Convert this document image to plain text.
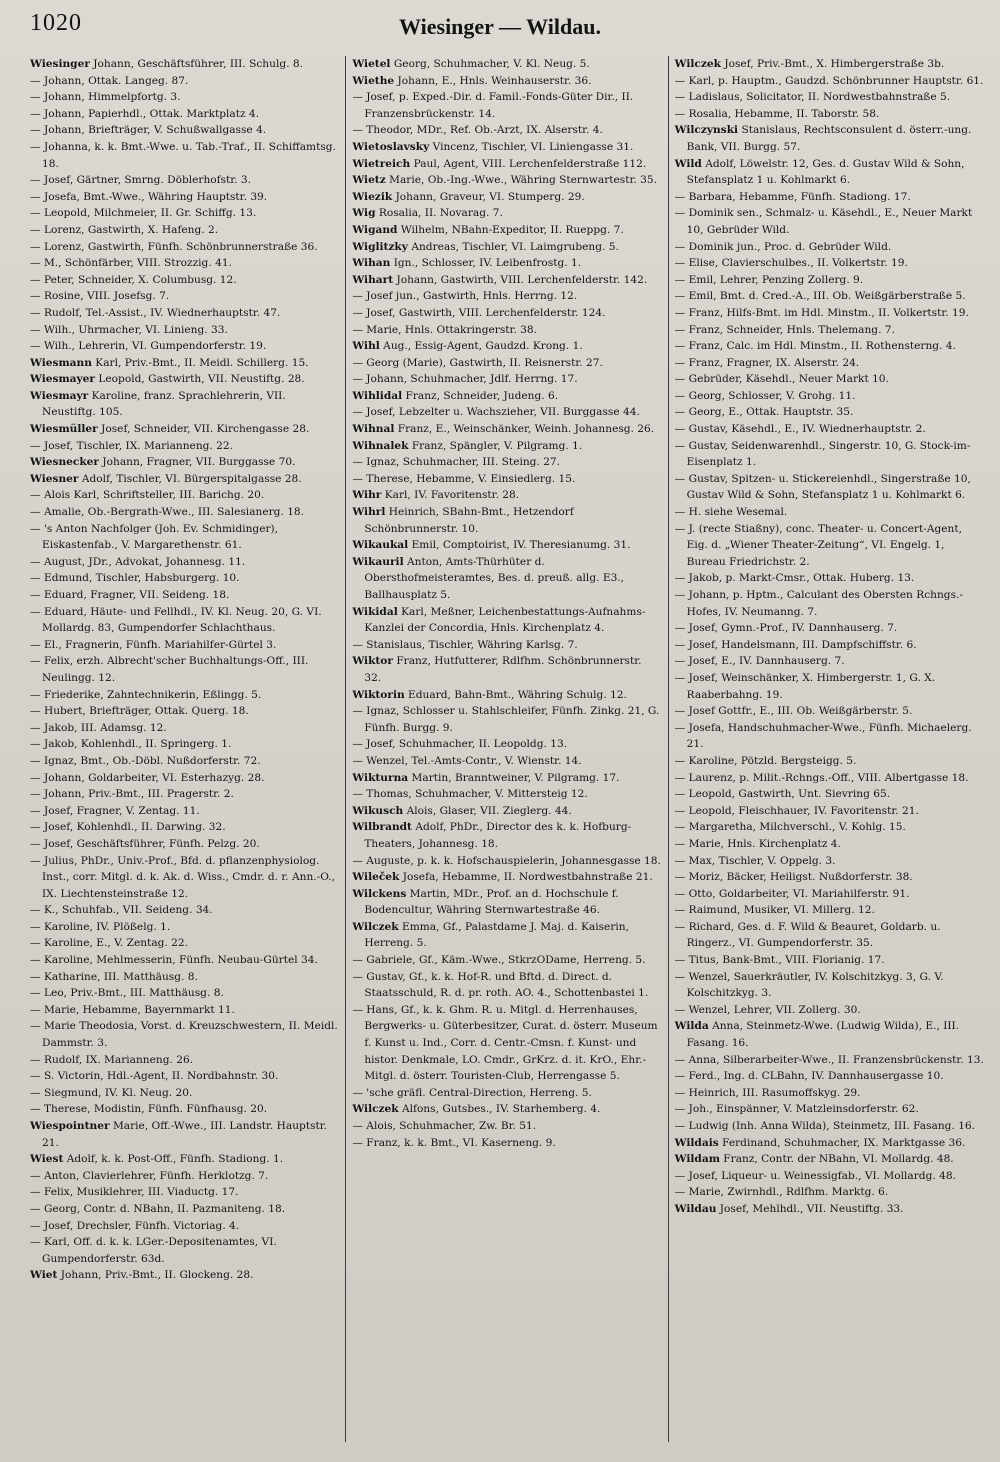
1020	Wiesinger — Wildau.
Wiesinger Johann, Geschäftsführer, III. Schulg. 8.
— Johann, Ottak. Langeg. 87.
— Johann, Himmelpfortg. 3.
— Johann, Papierhdl., Ottak. Marktplatz 4.
— Johann, Briefträger, V. Schußwallgasse 4.
— Johanna, k. k. Bmt.-Wwe. u. Tab.-Traf., II. Schiffamtsg. 18.
— Josef, Gärtner, Smrng. Döblerhofstr. 3.
— Josefa, Bmt.-Wwe., Währing Hauptstr. 39.
— Leopold, Milchmeier, II. Gr. Schiffg. 13.
— Lorenz, Gastwirth, X. Hafeng. 2.
— Lorenz, Gastwirth, Fünfh. Schönbrunnerstraße 36.
— M., Schönfärber, VIII. Strozzig. 41.
— Peter, Schneider, X. Columbusg. 12.
— Rosine, VIII. Josefsg. 7.
— Rudolf, Tel.-Assist., IV. Wiednerhauptstr. 47.
— Wilh., Uhrmacher, VI. Linieng. 33.
— Wilh., Lehrerin, VI. Gumpendorferstr. 19.
Wiesmann Karl, Priv.-Bmt., II. Meidl. Schillerg. 15.
Wiesmayer Leopold, Gastwirth, VII. Neustiftg. 28.
Wiesmayr Karoline, franz. Sprachlehrerin, VII. Neustiftg. 105.
Wiesmüller Josef, Schneider, VII. Kirchengasse 28.
— Josef, Tischler, IX. Marianneng. 22.
Wiesnecker Johann, Fragner, VII. Burggasse 70.
Wiesner Adolf, Tischler, VI. Bürgerspitalgasse 28.
— Alois Karl, Schriftsteller, III. Barichg. 20.
— Amalie, Ob.-Bergrath-Wwe., III. Salesianerg. 18.
— 's Anton Nachfolger (Joh. Ev. Schmidinger), Eiskastenfab., V. Margarethenstr. 61.
— August, JDr., Advokat, Johannesg. 11.
— Edmund, Tischler, Habsburgerg. 10.
— Eduard, Fragner, VII. Seideng. 18.
— Eduard, Häute- und Fellhdl., IV. Kl. Neug. 20, G. VI. Mollardg. 83, Gumpendorfer Schlachthaus.
— El., Fragnerin, Fünfh. Mariahilfer-Gürtel 3.
— Felix, erzh. Albrecht'scher Buchhaltungs-Off., III. Neulingg. 12.
— Friederike, Zahntechnikerin, Eßlingg. 5.
— Hubert, Briefträger, Ottak. Querg. 18.
— Jakob, III. Adamsg. 12.
— Jakob, Kohlenhdl., II. Springerg. 1.
— Ignaz, Bmt., Ob.-Döbl. Nußdorferstr. 72.
— Johann, Goldarbeiter, VI. Esterhazyg. 28.
— Johann, Priv.-Bmt., III. Pragerstr. 2.
— Josef, Fragner, V. Zentag. 11.
— Josef, Kohlenhdl., II. Darwing. 32.
— Josef, Geschäftsführer, Fünfh. Pelzg. 20.
— Julius, PhDr., Univ.-Prof., Bfd. d. pflanzenphysiolog. Inst., corr. Mitgl. d. k. Ak. d. Wiss., Cmdr. d. r. Ann.-O., IX. Liechtensteinstraße 12.
— K., Schuhfab., VII. Seideng. 34.
— Karoline, IV. Plößelg. 1.
— Karoline, E., V. Zentag. 22.
— Karoline, Mehlmesserin, Fünfh. Neubau-Gürtel 34.
— Katharine, III. Matthäusg. 8.
— Leo, Priv.-Bmt., III. Matthäusg. 8.
— Marie, Hebamme, Bayernmarkt 11.
— Marie Theodosia, Vorst. d. Kreuzschwestern, II. Meidl. Dammstr. 3.
— Rudolf, IX. Marianneng. 26.
— S. Victorin, Hdl.-Agent, II. Nordbahnstr. 30.
— Siegmund, IV. Kl. Neug. 20.
— Therese, Modistin, Fünfh. Fünfhausg. 20.
Wiespointner Marie, Off.-Wwe., III. Landstr. Hauptstr. 21.
Wiest Adolf, k. k. Post-Off., Fünfh. Stadiong. 1.
— Anton, Clavierlehrer, Fünfh. Herklotzg. 7.
— Felix, Musiklehrer, III. Viaductg. 17.
— Georg, Contr. d. NBahn, II. Pazmaniteng. 18.
— Josef, Drechsler, Fünfh. Victoriag. 4.
— Karl, Off. d. k. k. LGer.-Depositenamtes, VI. Gumpendorferstr. 63d.
Wiet Johann, Priv.-Bmt., II. Glockeng. 28.
Wietel Georg, Schuhmacher, V. Kl. Neug. 5.
Wiethe Johann, E., Hnls. Weinhauserstr. 36.
— Josef, p. Exped.-Dir. d. Famil.-Fonds-Güter Dir., II. Franzensbrückenstr. 14.
— Theodor, MDr., Ref. Ob.-Arzt, IX. Alserstr. 4.
Wietoslavsky Vincenz, Tischler, VI. Liniengasse 31.
Wietreich Paul, Agent, VIII. Lerchenfelderstraße 112.
Wietz Marie, Ob.-Ing.-Wwe., Währing Sternwartestr. 35.
Wiezik Johann, Graveur, VI. Stumperg. 29.
Wig Rosalia, II. Novarag. 7.
Wigand Wilhelm, NBahn-Expeditor, II. Rueppg. 7.
Wiglitzky Andreas, Tischler, VI. Laimgrubeng. 5.
Wihan Ign., Schlosser, IV. Leibenfrostg. 1.
Wihart Johann, Gastwirth, VIII. Lerchenfelderstr. 142.
— Josef jun., Gastwirth, Hnls. Herrng. 12.
— Josef, Gastwirth, VIII. Lerchenfelderstr. 124.
— Marie, Hnls. Ottakringerstr. 38.
Wihl Aug., Essig-Agent, Gaudzd. Krong. 1.
— Georg (Marie), Gastwirth, II. Reisnerstr. 27.
— Johann, Schuhmacher, Jdlf. Herrng. 17.
Wihlidal Franz, Schneider, Judeng. 6.
— Josef, Lebzelter u. Wachszieher, VII. Burggasse 44.
Wihnal Franz, E., Weinschänker, Weinh. Johannesg. 26.
Wihnalek Franz, Spängler, V. Pilgramg. 1.
— Ignaz, Schuhmacher, III. Steing. 27.
— Therese, Hebamme, V. Einsiedlerg. 15.
Wihr Karl, IV. Favoritenstr. 28.
Wihrl Heinrich, SBahn-Bmt., Hetzendorf Schönbrunnerstr. 10.
Wikaukal Emil, Comptoirist, IV. Theresianumg. 31.
Wikauril Anton, Amts-Thürhüter d. Obersthofmeisteramtes, Bes. d. preuß. allg. E3., Ballhausplatz 5.
Wikidal Karl, Meßner, Leichenbestattungs-Aufnahms-Kanzlei der Concordia, Hnls. Kirchenplatz 4.
— Stanislaus, Tischler, Währing Karlsg. 7.
Wiktor Franz, Hutfutterer, Rdlfhm. Schönbrunnerstr. 32.
Wiktorin Eduard, Bahn-Bmt., Währing Schulg. 12.
— Ignaz, Schlosser u. Stahlschleifer, Fünfh. Zinkg. 21, G. Fünfh. Burgg. 9.
— Josef, Schuhmacher, II. Leopoldg. 13.
— Wenzel, Tel.-Amts-Contr., V. Wienstr. 14.
Wikturna Martin, Branntweiner, V. Pilgramg. 17.
— Thomas, Schuhmacher, V. Mittersteig 12.
Wikusch Alois, Glaser, VII. Zieglerg. 44.
Wilbrandt Adolf, PhDr., Director des k. k. Hofburg-Theaters, Johannesg. 18.
— Auguste, p. k. k. Hofschauspielerin, Johannesgasse 18.
Wileček Josefa, Hebamme, II. Nordwestbahnstraße 21.
Wilckens Martin, MDr., Prof. an d. Hochschule f. Bodencultur, Währing Sternwartestraße 46.
Wilczek Emma, Gf., Palastdame J. Maj. d. Kaiserin, Herreng. 5.
— Gabriele, Gf., Käm.-Wwe., StkrzODame, Herreng. 5.
— Gustav, Gf., k. k. Hof-R. und Bftd. d. Direct. d. Staatsschuld, R. d. pr. roth. AO. 4., Schottenbastei 1.
— Hans, Gf., k. k. Ghm. R. u. Mitgl. d. Herrenhauses, Bergwerks- u. Güterbesitzer, Curat. d. österr. Museum f. Kunst u. Ind., Corr. d. Centr.-Cmsn. f. Kunst- und histor. Denkmale, LO. Cmdr., GrKrz. d. it. KrO., Ehr.-Mitgl. d. österr. Touristen-Club, Herrengasse 5.
— 'sche gräfl. Central-Direction, Herreng. 5.
Wilczek Alfons, Gutsbes., IV. Starhemberg. 4.
— Alois, Schuhmacher, Zw. Br. 51.
— Franz, k. k. Bmt., VI. Kaserneng. 9.
Wilczek Josef, Priv.-Bmt., X. Himbergerstraße 3b.
— Karl, p. Hauptm., Gaudzd. Schönbrunner Hauptstr. 61.
— Ladislaus, Solicitator, II. Nordwestbahnstraße 5.
— Rosalia, Hebamme, II. Taborstr. 58.
Wilczynski Stanislaus, Rechtsconsulent d. österr.-ung. Bank, VII. Burgg. 57.
Wild Adolf, Löwelstr. 12, Ges. d. Gustav Wild & Sohn, Stefansplatz 1 u. Kohlmarkt 6.
— Barbara, Hebamme, Fünfh. Stadiong. 17.
— Dominik sen., Schmalz- u. Käsehdl., E., Neuer Markt 10, Gebrüder Wild.
— Dominik jun., Proc. d. Gebrüder Wild.
— Elise, Clavierschulbes., II. Volkertstr. 19.
— Emil, Lehrer, Penzing Zollerg. 9.
— Emil, Bmt. d. Cred.-A., III. Ob. Weißgärberstraße 5.
— Franz, Hilfs-Bmt. im Hdl. Minstm., II. Volkertstr. 19.
— Franz, Schneider, Hnls. Thelemang. 7.
— Franz, Calc. im Hdl. Minstm., II. Rothensterng. 4.
— Franz, Fragner, IX. Alserstr. 24.
— Gebrüder, Käsehdl., Neuer Markt 10.
— Georg, Schlosser, V. Grohg. 11.
— Georg, E., Ottak. Hauptstr. 35.
— Gustav, Käsehdl., E., IV. Wiednerhauptstr. 2.
— Gustav, Seidenwarenhdl., Singerstr. 10, G. Stock-im-Eisenplatz 1.
— Gustav, Spitzen- u. Stickereienhdl., Singerstraße 10, Gustav Wild & Sohn, Stefansplatz 1 u. Kohlmarkt 6.
— H. siehe Wesemal.
— J. (recte Stiaßny), conc. Theater- u. Concert-Agent, Eig. d. „Wiener Theater-Zeitung“, VI. Engelg. 1, Bureau Friedrichstr. 2.
— Jakob, p. Markt-Cmsr., Ottak. Huberg. 13.
— Johann, p. Hptm., Calculant des Obersten Rchngs.-Hofes, IV. Neumanng. 7.
— Josef, Gymn.-Prof., IV. Dannhauserg. 7.
— Josef, Handelsmann, III. Dampfschiffstr. 6.
— Josef, E., IV. Dannhauserg. 7.
— Josef, Weinschänker, X. Himbergerstr. 1, G. X. Raaberbahng. 19.
— Josef Gottfr., E., III. Ob. Weißgärberstr. 5.
— Josefa, Handschuhmacher-Wwe., Fünfh. Michaelerg. 21.
— Karoline, Pötzld. Bergsteigg. 5.
— Laurenz, p. Milit.-Rchngs.-Off., VIII. Albertgasse 18.
— Leopold, Gastwirth, Unt. Sievring 65.
— Leopold, Fleischhauer, IV. Favoritenstr. 21.
— Margaretha, Milchverschl., V. Kohlg. 15.
— Marie, Hnls. Kirchenplatz 4.
— Max, Tischler, V. Oppelg. 3.
— Moriz, Bäcker, Heiligst. Nußdorferstr. 38.
— Otto, Goldarbeiter, VI. Mariahilferstr. 91.
— Raimund, Musiker, VI. Millerg. 12.
— Richard, Ges. d. F. Wild & Beauret, Goldarb. u. Ringerz., VI. Gumpendorferstr. 35.
— Titus, Bank-Bmt., VIII. Florianig. 17.
— Wenzel, Sauerkräutler, IV. Kolschitzkyg. 3, G. V. Kolschitzkyg. 3.
— Wenzel, Lehrer, VII. Zollerg. 30.
Wilda Anna, Steinmetz-Wwe. (Ludwig Wilda), E., III. Fasang. 16.
— Anna, Silberarbeiter-Wwe., II. Franzensbrückenstr. 13.
— Ferd., Ing. d. CLBahn, IV. Dannhausergasse 10.
— Heinrich, III. Rasumoffskyg. 29.
— Joh., Einspänner, V. Matzleinsdorferstr. 62.
— Ludwig (Inh. Anna Wilda), Steinmetz, III. Fasang. 16.
Wildais Ferdinand, Schuhmacher, IX. Marktgasse 36.
Wildam Franz, Contr. der NBahn, VI. Mollardg. 48.
— Josef, Liqueur- u. Weinessigfab., VI. Mollardg. 48.
— Marie, Zwirnhdl., Rdlfhm. Marktg. 6.
Wildau Josef, Mehlhdl., VII. Neustiftg. 33.
